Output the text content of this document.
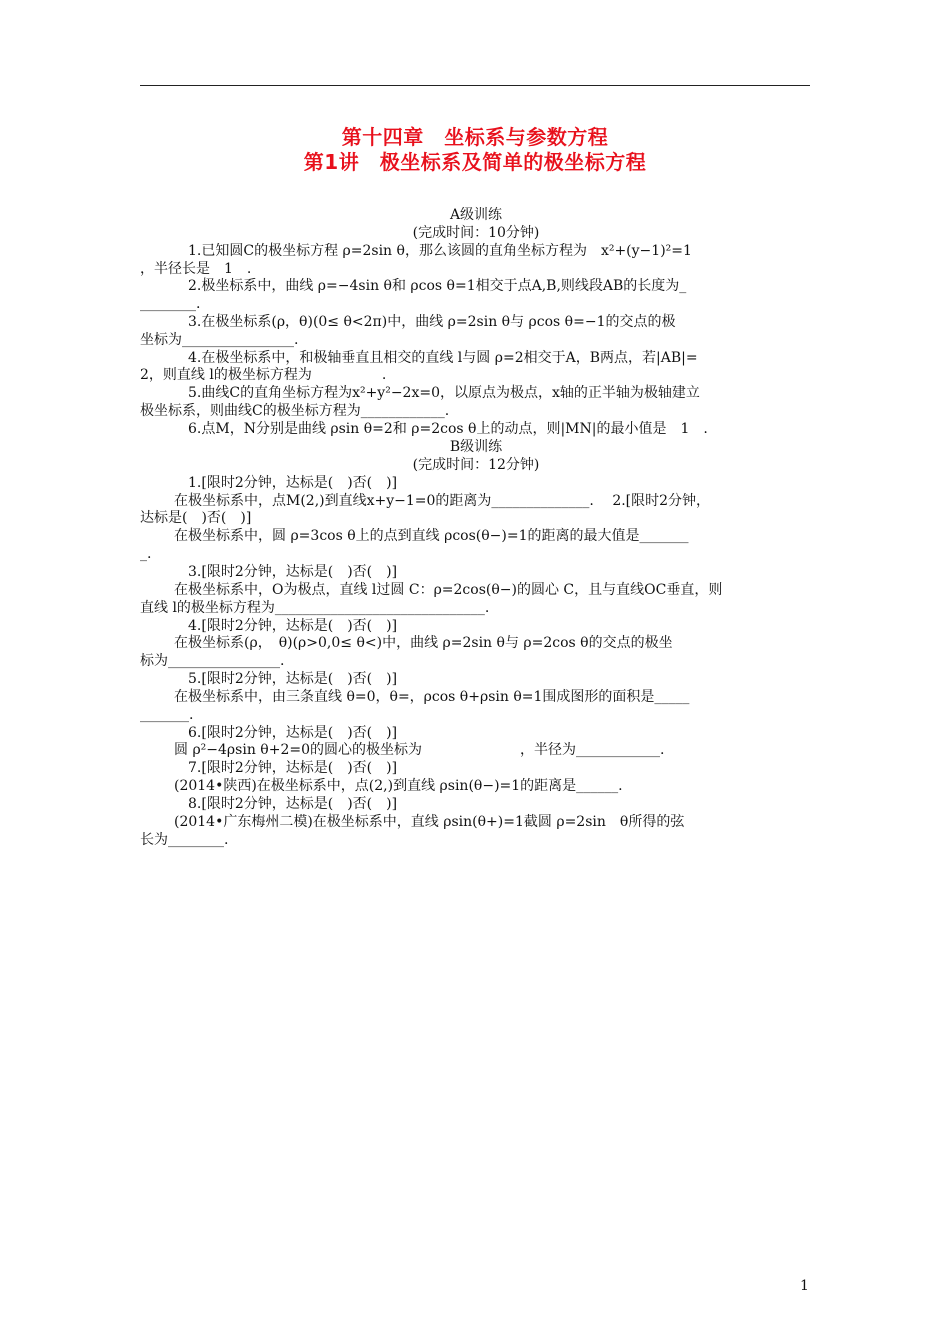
第十四章　坐标系与参数方程
第1讲　极坐标系及简单的极坐标方程
A级训练
(完成时间：10分钟)
1.已知圆C的极坐标方程 ρ=2sin θ，那么该圆的直角坐标方程为　x²+(y−1)²=1
，半径长是　1　.
2.极坐标系中，曲线 ρ=−4sin θ和 ρcos θ=1相交于点A,B,则线段AB的长度为_
________.
3.在极坐标系(ρ，θ)(0≤ θ<2π)中，曲线 ρ=2sin θ与 ρcos θ=−1的交点的极
坐标为________________.
4.在极坐标系中，和极轴垂直且相交的直线 l与圆 ρ=2相交于A，B两点，若|AB|=
2，则直线 l的极坐标方程为　　　　　.
5.曲线C的直角坐标方程为x²+y²−2x=0，以原点为极点，x轴的正半轴为极轴建立
极坐标系，则曲线C的极坐标方程为____________.
6.点M，N分别是曲线 ρsin θ=2和 ρ=2cos θ上的动点，则|MN|的最小值是　1　.
B级训练
(完成时间：12分钟)
1.[限时2分钟，达标是(　)否(　)]
在极坐标系中，点M(2,)到直线x+y−1=0的距离为______________.　 2.[限时2分钟，
达标是(　)否(　)]
在极坐标系中，圆 ρ=3cos θ上的点到直线 ρcos(θ−)=1的距离的最大值是_______
_.
3.[限时2分钟，达标是(　)否(　)]
在极坐标系中，O为极点，直线 l过圆 C：ρ=2cos(θ−)的圆心 C，且与直线OC垂直，则
直线 l的极坐标方程为______________________________.
4.[限时2分钟，达标是(　)否(　)]
在极坐标系(ρ，　θ)(ρ>0,0≤ θ<)中，曲线 ρ=2sin θ与 ρ=2cos θ的交点的极坐
标为________________.
5.[限时2分钟，达标是(　)否(　)]
在极坐标系中，由三条直线 θ=0，θ=，ρcos θ+ρsin θ=1围成图形的面积是_____
_______.
6.[限时2分钟，达标是(　)否(　)]
圆 ρ²−4ρsin θ+2=0的圆心的极坐标为　　　　　　　，半径为____________.
7.[限时2分钟，达标是(　)否(　)]
(2014•陕西)在极坐标系中，点(2,)到直线 ρsin(θ−)=1的距离是______.
8.[限时2分钟，达标是(　)否(　)]
(2014•广东梅州二模)在极坐标系中，直线 ρsin(θ+)=1截圆 ρ=2sin　θ所得的弦
长为________.
1
